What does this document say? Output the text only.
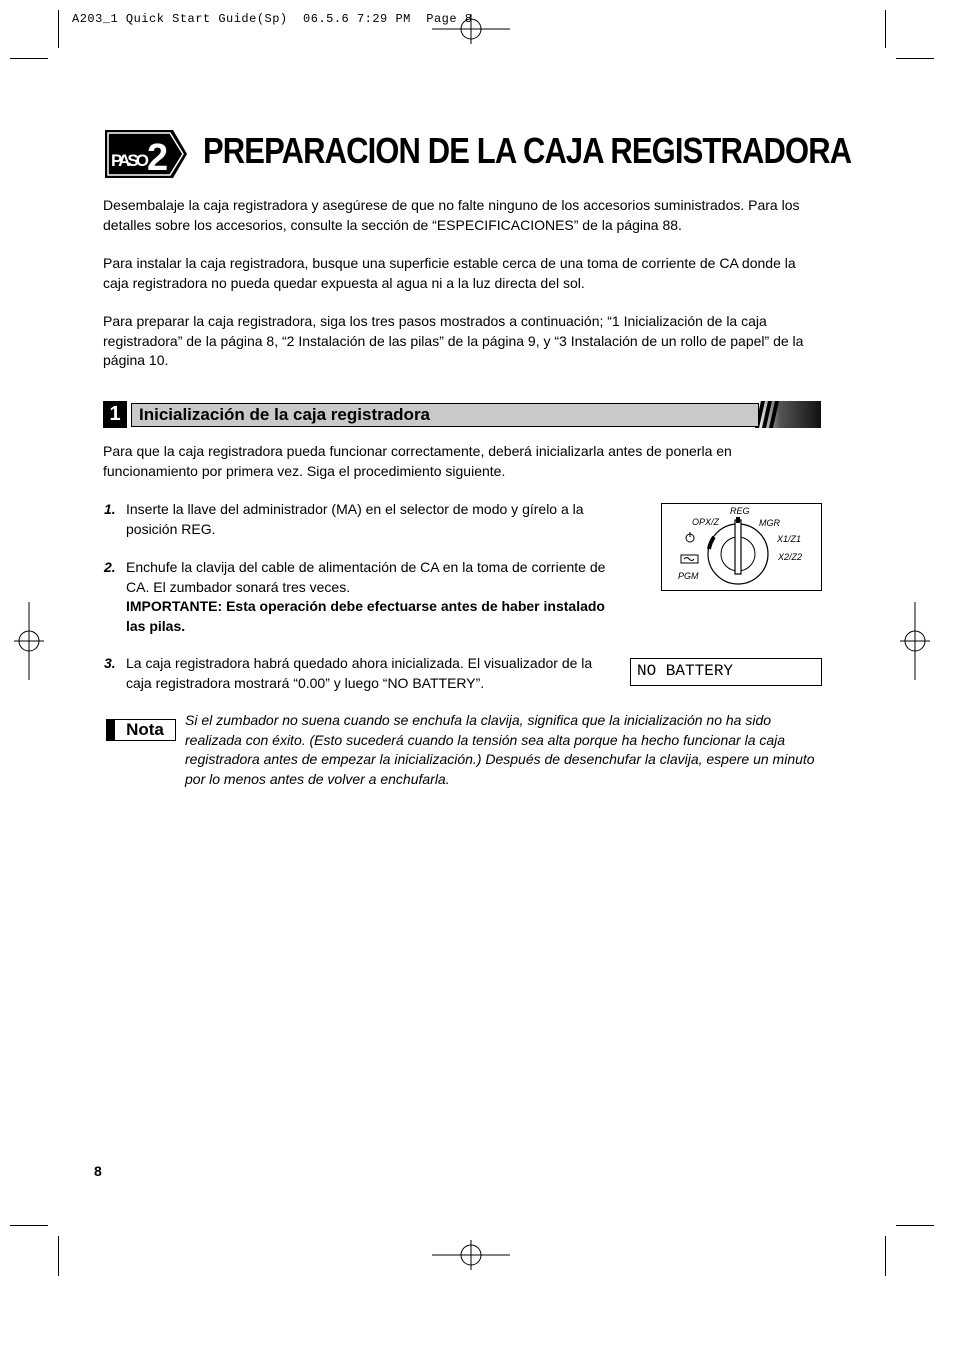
A203_1 Quick Start Guide(Sp)  06.5.6 7:29 PM  Page 8
PASO
2 PREPARACION DE LA CAJA REGISTRADORA
Desembalaje la caja registradora y asegúrese de que no falte ninguno de los accesorios suministrados. Para los detalles sobre los accesorios, consulte la sección de “ESPECIFICACIONES” de la página 88.
Para instalar la caja registradora, busque una superficie estable cerca de una toma de corriente de CA donde la caja registradora no pueda quedar expuesta al agua ni a la luz directa del sol.
Para preparar la caja registradora, siga los tres pasos mostrados a continuación; “1 Inicialización de la caja registradora” de la página 8, “2 Instalación de las pilas” de la página 9, y “3 Instalación de un rollo de papel” de la página 10.
1	Inicialización de la caja registradora
Para que la caja registradora pueda funcionar correctamente, deberá inicializarla antes de ponerla en funcionamiento por primera vez. Siga el procedimiento siguiente.
1. Inserte la llave del administrador (MA) en el selector de modo y gírelo a la posición REG.
2. Enchufe la clavija del cable de alimentación de CA en la toma de corriente de CA. El zumbador sonará tres veces.
IMPORTANTE: Esta operación debe efectuarse antes de haber instalado las pilas.
3. La caja registradora habrá quedado ahora inicializada. El visualizador de la caja registradora mostrará “0.00” y luego “NO BATTERY”.
REG
OPX/Z	MGR
X1/Z1
X2/Z2
PGM
NO BATTERY
Nota	Si el zumbador no suena cuando se enchufa la clavija, significa que la inicialización no ha sido realizada con éxito. (Esto sucederá cuando la tensión sea alta porque ha hecho funcionar la caja registradora antes de empezar la inicialización.) Después de desenchufar la clavija, espere un minuto por lo menos antes de volver a enchufarla.
8
